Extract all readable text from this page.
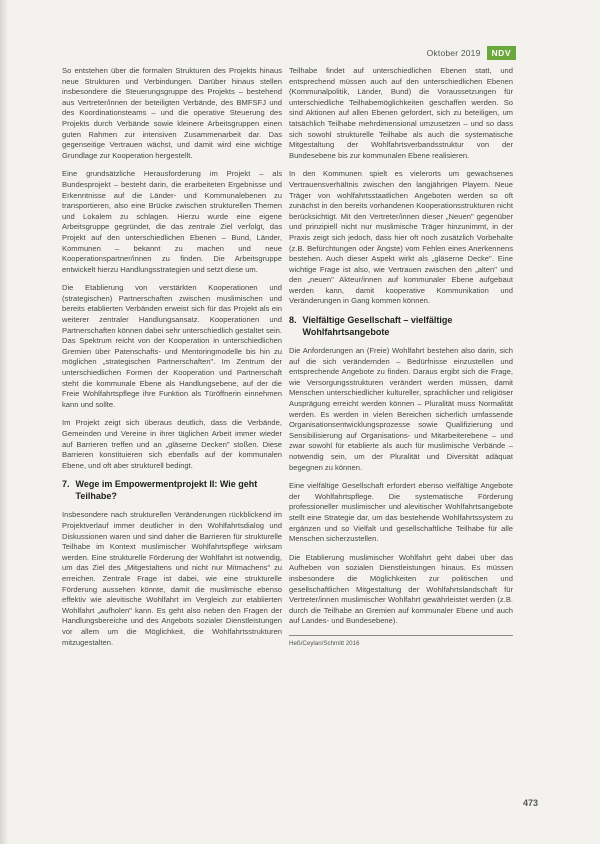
Oktober 2019	NDV

So entstehen über die formalen Strukturen des Projekts hinaus neue Strukturen und Verbindungen. Darüber hinaus stellen insbesondere die Steuerungsgruppe des Projekts – bestehend aus Vertreter/innen der beteiligten Verbände, des BMFSFJ und des Koordinationsteams – und die operative Steuerung des Projekts durch Verbände sowie kleinere Arbeitsgruppen einen guten Rahmen zur intensiven Zusammenarbeit dar. Das gegenseitige Vertrauen wächst, und damit wird eine wichtige Grundlage zur Kooperation hergestellt.

Eine grundsätzliche Herausforderung im Projekt – als Bundesprojekt – besteht darin, die erarbeiteten Ergebnisse und Erkenntnisse auf die Länder- und Kommunalebenen zu transportieren, also eine Brücke zwischen strukturellen Themen und Lokalem zu schlagen. Hierzu wurde eine eigene Arbeitsgruppe gegründet, die das zentrale Ziel verfolgt, das Projekt auf den unterschiedlichen Ebenen – Bund, Länder, Kommunen – bekannt zu machen und neue Kooperationspartner/innen zu finden. Die Arbeitsgruppe entwickelt hierzu Handlungsstrategien und setzt diese um.

Die Etablierung von verstärkten Kooperationen und (strategischen) Partnerschaften zwischen muslimischen und bereits etablierten Verbänden erweist sich für das Projekt als ein weiterer zentraler Handlungsansatz. Kooperationen und Partnerschaften können dabei sehr unterschiedlich gestaltet sein. Das Spektrum reicht von der Kooperation in unterschiedlichen Gremien über Patenschafts- und Mentoringmodelle bis hin zu möglichen „strategischen Partnerschaften". Im Zentrum der unterschiedlichen Formen der Kooperation und Partnerschaft steht die kommunale Ebene als Handlungsebene, auf der die Freie Wohlfahrtspflege ihre Funktion als Türöffnerin einnehmen kann und sollte.

Im Projekt zeigt sich überaus deutlich, dass die Verbände, Gemeinden und Vereine in ihrer täglichen Arbeit immer wieder auf Barrieren treffen und an „gläserne Decken" stoßen. Diese Barrieren konstituieren sich ebenfalls auf der kommunalen Ebene, und oft aber strukturell bedingt.

7. Wege im Empowermentprojekt II: Wie geht Teilhabe?

Insbesondere nach strukturellen Veränderungen rückblickend im Projektverlauf immer deutlicher in den Wohlfahrtsdialog und Diskussionen waren und sind daher die Barrieren für strukturelle Teilhabe im Kontext muslimischer Wohlfahrtspflege wirksam werden. Eine strukturelle Förderung der Wohlfahrt ist notwendig, um das Ziel des „Mitgestaltens und nicht nur Mitmachens" zu erreichen. Zentrale Frage ist dabei, wie eine strukturelle Förderung aussehen könnte, damit die muslimische ebenso effektiv wie alevitische Wohlfahrt im Vergleich zur etablierten Wohlfahrt „aufholen" kann. Es geht also neben den Fragen der Handlungsbereiche und des Angebots sozialer Dienstleistungen vor allem um die Möglichkeit, die Wohlfahrtsstrukturen mitzugestalten.

Teilhabe findet auf unterschiedlichen Ebenen statt, und entsprechend müssen auch auf den unterschiedlichen Ebenen (Kommunalpolitik, Länder, Bund) die Voraussetzungen für unterschiedliche Teilhabemöglichkeiten geschaffen werden. So sind Aktionen auf allen Ebenen gefordert, sich zu beteiligen, um tatsächlich Teilhabe mehrdimensional umzusetzen – und so dass sich sowohl strukturelle Teilhabe als auch die systematische Mitgestaltung der Wohlfahrtsverbandsstruktur von der Bundesebene bis zur kommunalen Ebene realisieren.

In den Kommunen spielt es vielerorts um gewachsenes Vertrauensverhältnis zwischen den langjährigen Playern. Neue Träger von wohlfahrtsstaatlichen Angeboten werden so oft zunächst in den bereits vorhandenen Kooperationsstrukturen nicht berücksichtigt. Mit den Vertreter/innen dieser „Neuen" gegenüber und prinzipiell nicht nur muslimische Träger hinzunimmt, in der Praxis zeigt sich jedoch, dass hier oft noch zusätzlich Vorbehalte (z.B. Befürchtungen oder Ängste) vom Fehlen eines Anerkennens bestehen. Auch dieser Aspekt wirkt als „gläserne Decke". Eine wichtige Frage ist also, wie Vertrauen zwischen den „alten" und den „neuen" Akteur/innen auf kommunaler Ebene aufgebaut werden kann, damit kooperative Kommunikation und Veränderungen in Gang kommen können.

8. Vielfältige Gesellschaft – vielfältige Wohlfahrtsangebote

Die Anforderungen an (Freie) Wohlfahrt bestehen also darin, sich auf die sich verändernden – Bedürfnisse einzustellen und entsprechende Angebote zu finden. Daraus ergibt sich die Frage, wie Versorgungsstrukturen verändert werden müssen, damit Menschen unterschiedlicher kultureller, sprachlicher und religiöser Ausprägung erreicht werden können – Pluralität muss Normalität werden. Es werden in vielen Bereichen sicherlich umfassende Organisationsentwicklungsprozesse sowie Qualifizierung und Sensibilisierung auf Organisations- und Mitarbeiterebene – und zwar sowohl für etablierte als auch für muslimische Verbände – notwendig sein, um der Pluralität und Diversität adäquat begegnen zu können.

Eine vielfältige Gesellschaft erfordert ebenso vielfältige Angebote der Wohlfahrtspflege. Die systematische Förderung professioneller muslimischer und alevitischer Wohlfahrtsangebote stellt eine Strategie dar, um das bestehende Wohlfahrtssystem zu ergänzen und so Vielfalt und gesellschaftliche Teilhabe für alle Menschen sicherzustellen.

Die Etablierung muslimischer Wohlfahrt geht dabei über das Aufheben von sozialen Dienstleistungen hinaus. Es müssen insbesondere die Möglichkeiten zur politischen und gesellschaftlichen Mitgestaltung der Wohlfahrtslandschaft für Vertreter/innen muslimischer Wohlfahrt gewährleistet werden (z.B. durch die Teilhabe an Gremien auf kommunaler Ebene und auch auf Landes- und Bundesebene).

Heß/Ceylan/Schmitt 2016
473
